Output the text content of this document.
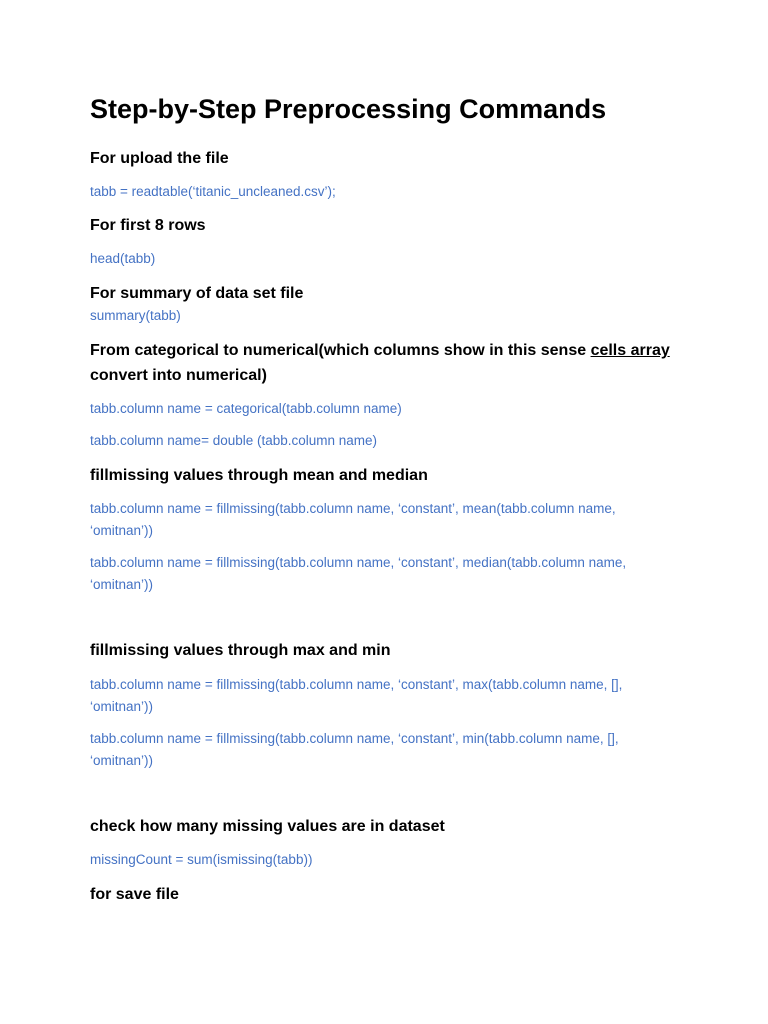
Step-by-Step Preprocessing Commands

For upload the file

tabb = readtable(‘titanic_uncleaned.csv’);

For first 8 rows

head(tabb)

For summary of data set file

summary(tabb)

From categorical to numerical(which columns show in this sense cells array
convert into numerical)

tabb.column name = categorical(tabb.column name)

tabb.column name= double (tabb.column name)

fillmissing values through mean and median

tabb.column name = fillmissing(tabb.column name, ‘constant’, mean(tabb.column name,
‘omitnan’))

tabb.column name = fillmissing(tabb.column name, ‘constant’, median(tabb.column name,
‘omitnan’))

fillmissing values through max and min

tabb.column name = fillmissing(tabb.column name, ‘constant’, max(tabb.column name, [],
‘omitnan’))

tabb.column name = fillmissing(tabb.column name, ‘constant’, min(tabb.column name, [],
‘omitnan’))

check how many missing values are in dataset

missingCount = sum(ismissing(tabb))

for save file
